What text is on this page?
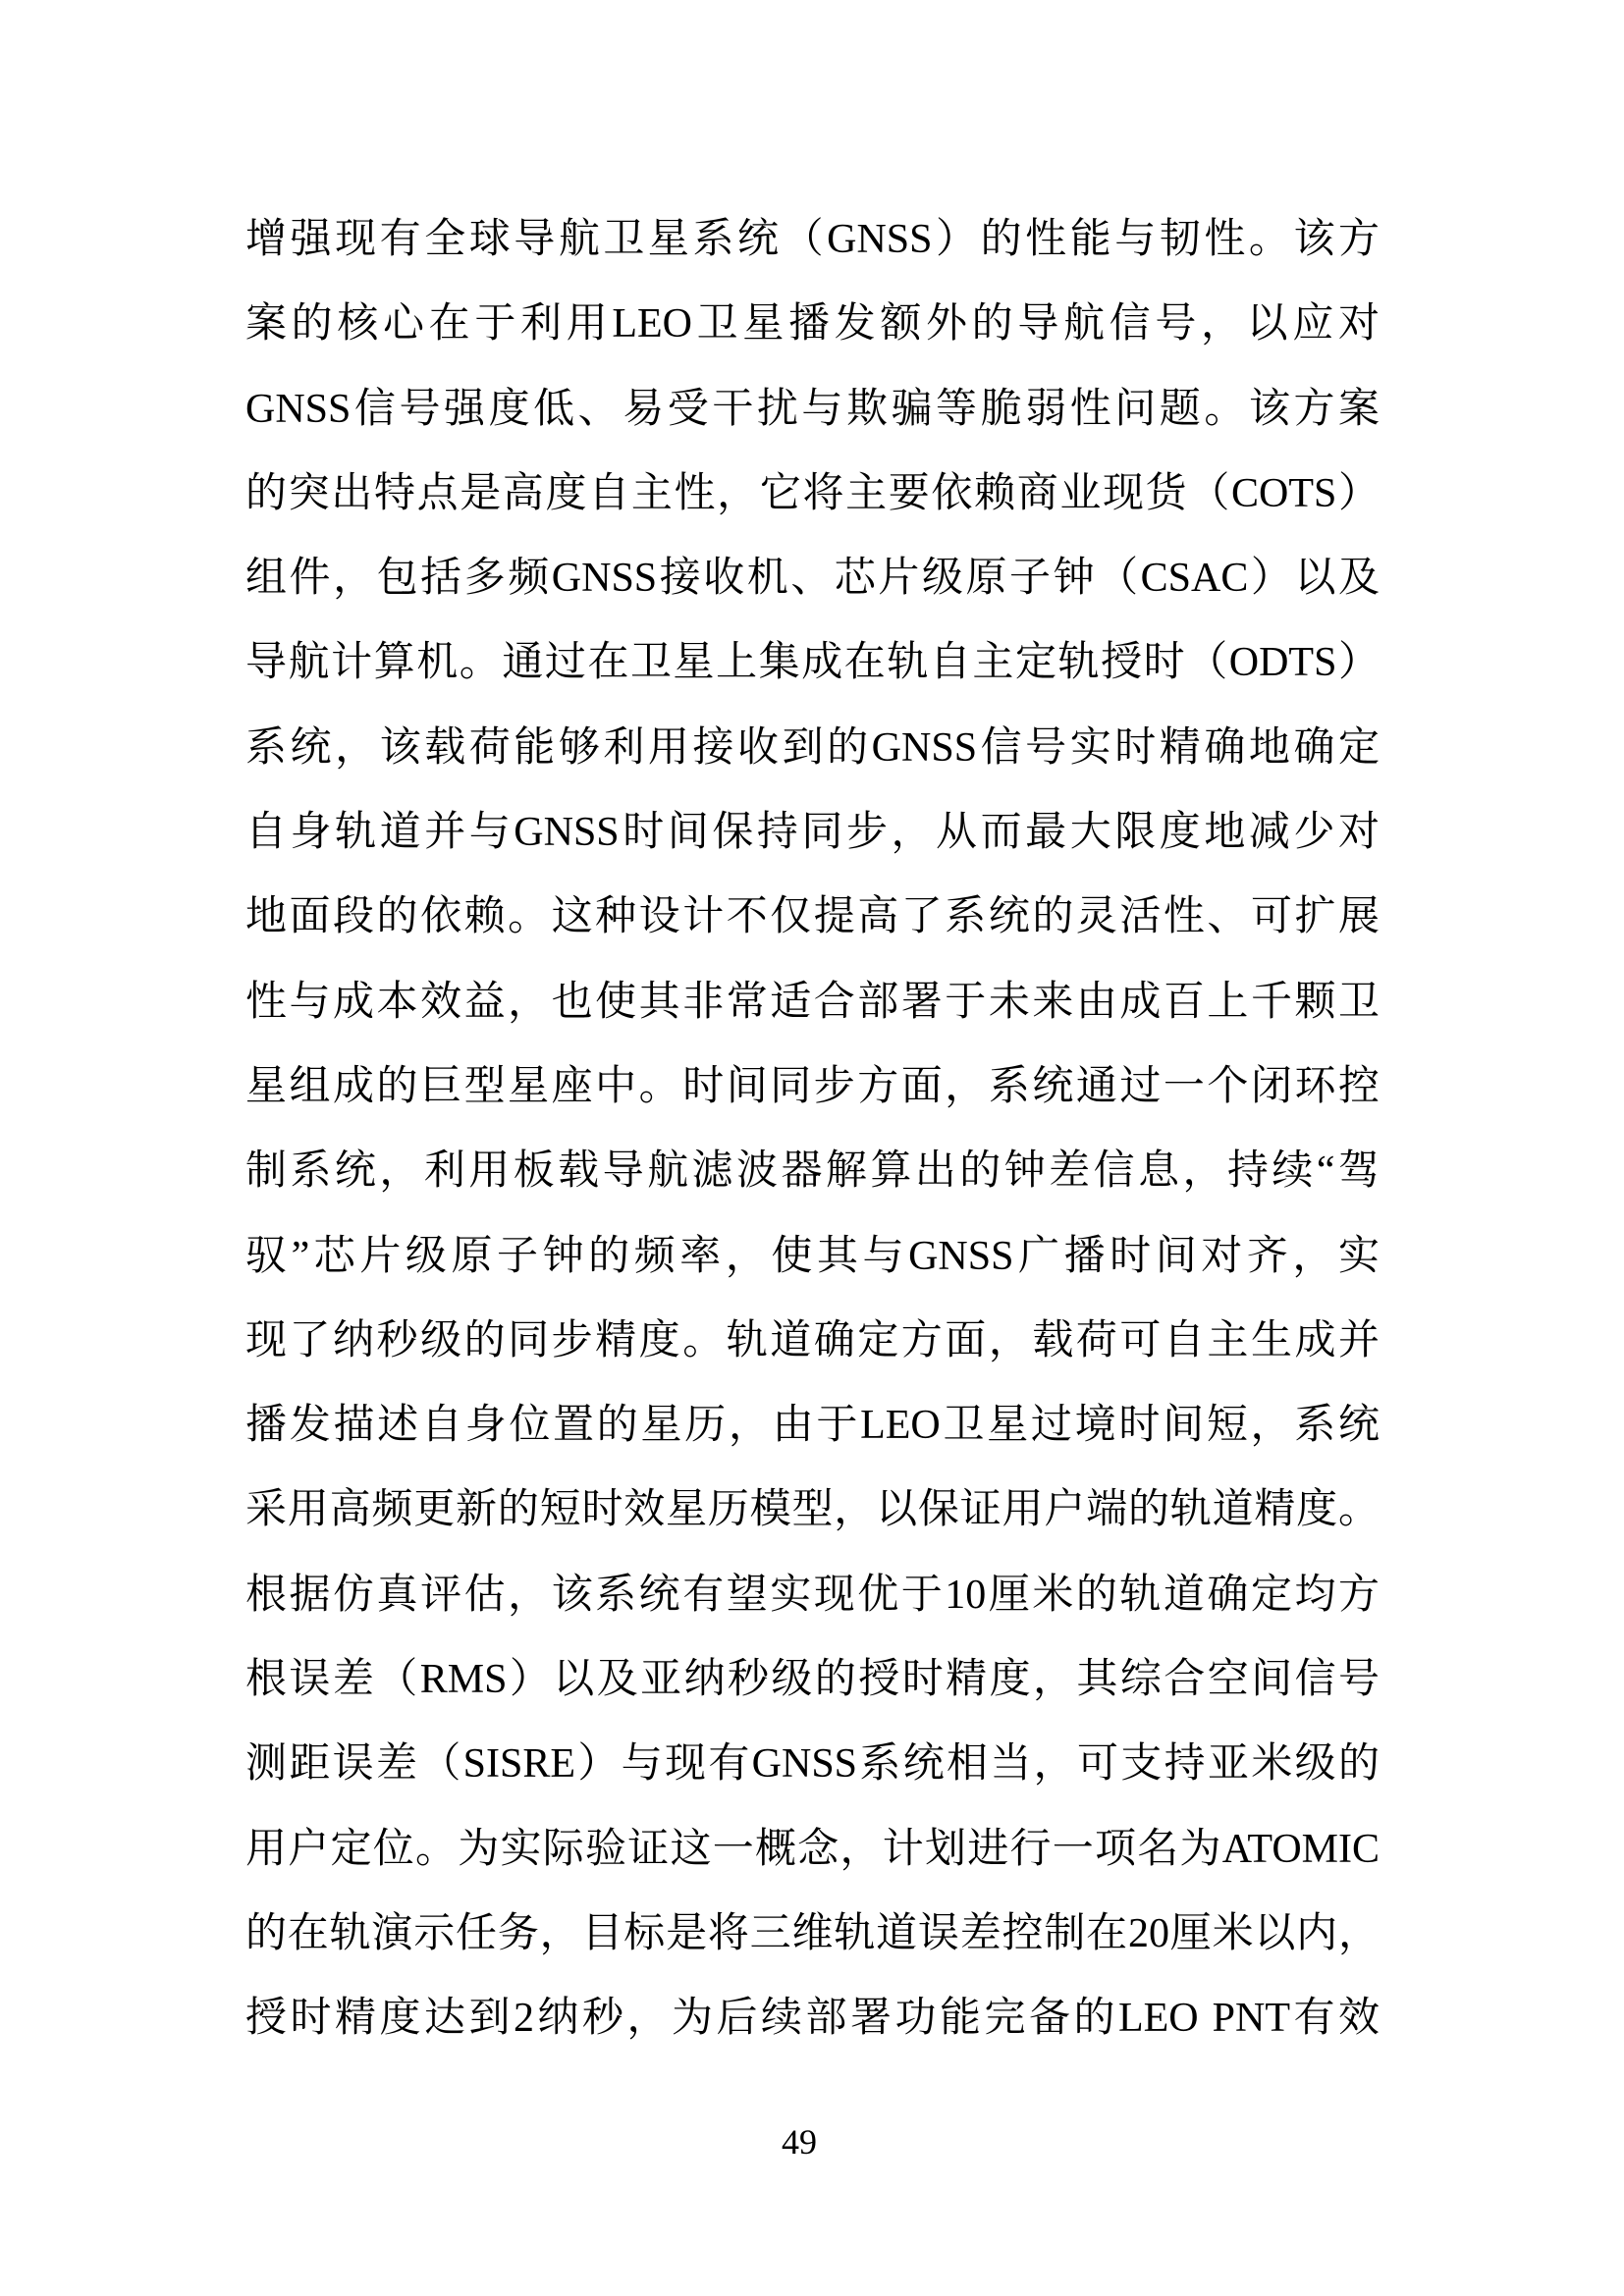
增强现有全球导航卫星系统（GNSS）的性能与韧性。该方
案的核心在于利用LEO卫星播发额外的导航信号，以应对
GNSS信号强度低、易受干扰与欺骗等脆弱性问题。该方案
的突出特点是高度自主性，它将主要依赖商业现货（COTS）
组件，包括多频GNSS接收机、芯片级原子钟（CSAC）以及
导航计算机。通过在卫星上集成在轨自主定轨授时（ODTS）
系统，该载荷能够利用接收到的GNSS信号实时精确地确定
自身轨道并与GNSS时间保持同步，从而最大限度地减少对
地面段的依赖。这种设计不仅提高了系统的灵活性、可扩展
性与成本效益，也使其非常适合部署于未来由成百上千颗卫
星组成的巨型星座中。时间同步方面，系统通过一个闭环控
制系统，利用板载导航滤波器解算出的钟差信息，持续“驾
驭”芯片级原子钟的频率，使其与GNSS广播时间对齐，实
现了纳秒级的同步精度。轨道确定方面，载荷可自主生成并
播发描述自身位置的星历，由于LEO卫星过境时间短，系统
采用高频更新的短时效星历模型，以保证用户端的轨道精度。
根据仿真评估，该系统有望实现优于10厘米的轨道确定均方
根误差（RMS）以及亚纳秒级的授时精度，其综合空间信号
测距误差（SISRE）与现有GNSS系统相当，可支持亚米级的
用户定位。为实际验证这一概念，计划进行一项名为ATOMIC
的在轨演示任务，目标是将三维轨道误差控制在20厘米以内，
授时精度达到2纳秒，为后续部署功能完备的LEO PNT有效
49
